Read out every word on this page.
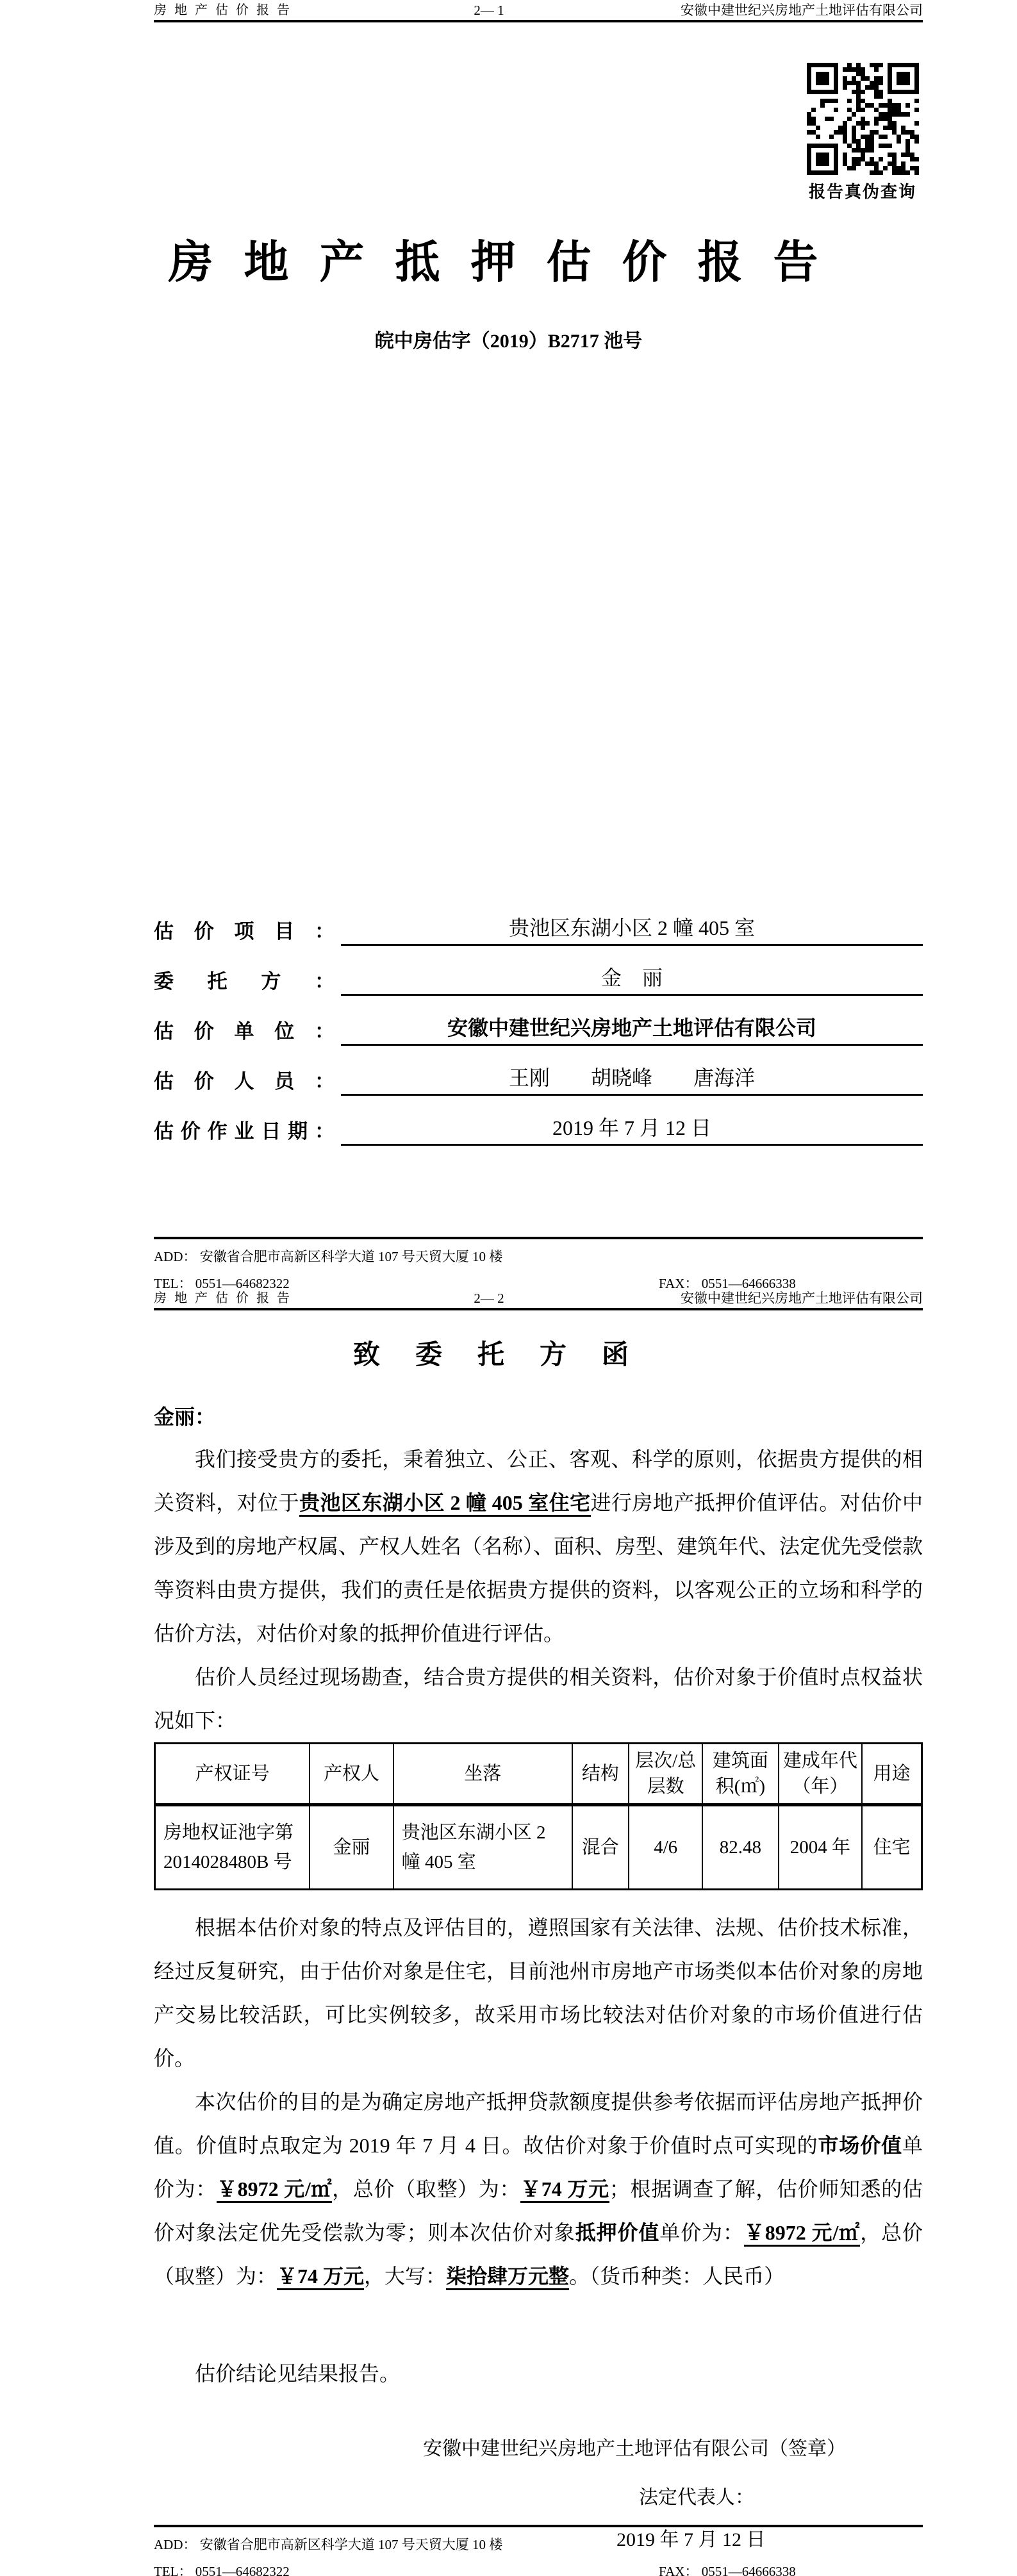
房地产估价报告	2— 1	安徽中建世纪兴房地产土地评估有限公司
报告真伪查询
房地产抵押估价报告
皖中房估字（2019）B2717 池号
估价项目：	贵池区东湖小区 2 幢 405 室
委托方：	金　丽
估价单位：	安徽中建世纪兴房地产土地评估有限公司
估价人员：	王刚　　胡晓峰　　唐海洋
估价作业日期：	2019 年 7 月 12 日
ADD： 安徽省合肥市高新区科学大道 107 号天贸大厦 10 楼
TEL： 0551—64682322	FAX： 0551—64666338
房地产估价报告	2— 2	安徽中建世纪兴房地产土地评估有限公司
致委托方函
金丽：

我们接受贵方的委托，秉着独立、公正、客观、科学的原则，依据贵方提供的相关资料，对位于贵池区东湖小区 2 幢 405 室住宅进行房地产抵押价值评估。对估价中涉及到的房地产权属、产权人姓名（名称）、面积、房型、建筑年代、法定优先受偿款等资料由贵方提供，我们的责任是依据贵方提供的资料，以客观公正的立场和科学的估价方法，对估价对象的抵押价值进行评估。

估价人员经过现场勘查，结合贵方提供的相关资料，估价对象于价值时点权益状况如下：

产权证号	产权人	坐落	结构	层次/总层数	建筑面积(㎡)	建成年代（年）	用途
房地权证池字第2014028480B 号	金丽	贵池区东湖小区 2 幢 405 室	混合	4/6	82.48	2004 年	住宅

根据本估价对象的特点及评估目的，遵照国家有关法律、法规、估价技术标准，经过反复研究，由于估价对象是住宅，目前池州市房地产市场类似本估价对象的房地产交易比较活跃，可比实例较多，故采用市场比较法对估价对象的市场价值进行估价。

本次估价的目的是为确定房地产抵押贷款额度提供参考依据而评估房地产抵押价值。价值时点取定为 2019 年 7 月 4 日。故估价对象于价值时点可实现的市场价值单价为：￥8972 元/㎡，总价（取整）为：￥74 万元；根据调查了解，估价师知悉的估价对象法定优先受偿款为零；则本次估价对象抵押价值单价为：￥8972 元/㎡，总价（取整）为：￥74 万元，大写：柒拾肆万元整。（货币种类：人民币）

估价结论见结果报告。

安徽中建世纪兴房地产土地评估有限公司（签章）
法定代表人：
2019 年 7 月 12 日
ADD： 安徽省合肥市高新区科学大道 107 号天贸大厦 10 楼
TEL： 0551—64682322	FAX： 0551—64666338
